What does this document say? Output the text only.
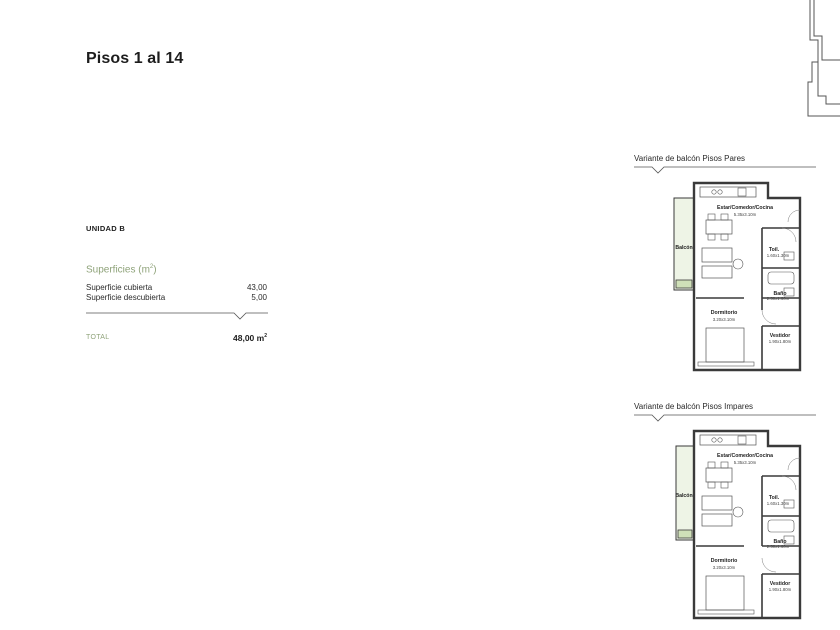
Pisos 1 al 14
UNIDAD B
Superficies $(m^2)$
Superficie cubierta	43,00
Superficie descubierta	5,00
TOTAL	48,00 $m^2$
Variante de balcón Pisos Pares
Estar/Comedor/Cocina
5.35x3.10m
Balcón	Toil.
1.60x1.30m
Baño
2.50x1.60m
Dormitorio
3.20x3.10m
Vestidor
1.90x1.80m
Variante de balcón Pisos Impares
Estar/Comedor/Cocina
5.35x3.10m
Balcón	Toil.
1.60x1.30m
Baño
2.50x1.60m
Dormitorio
3.20x3.10m
Vestidor
1.90x1.80m
